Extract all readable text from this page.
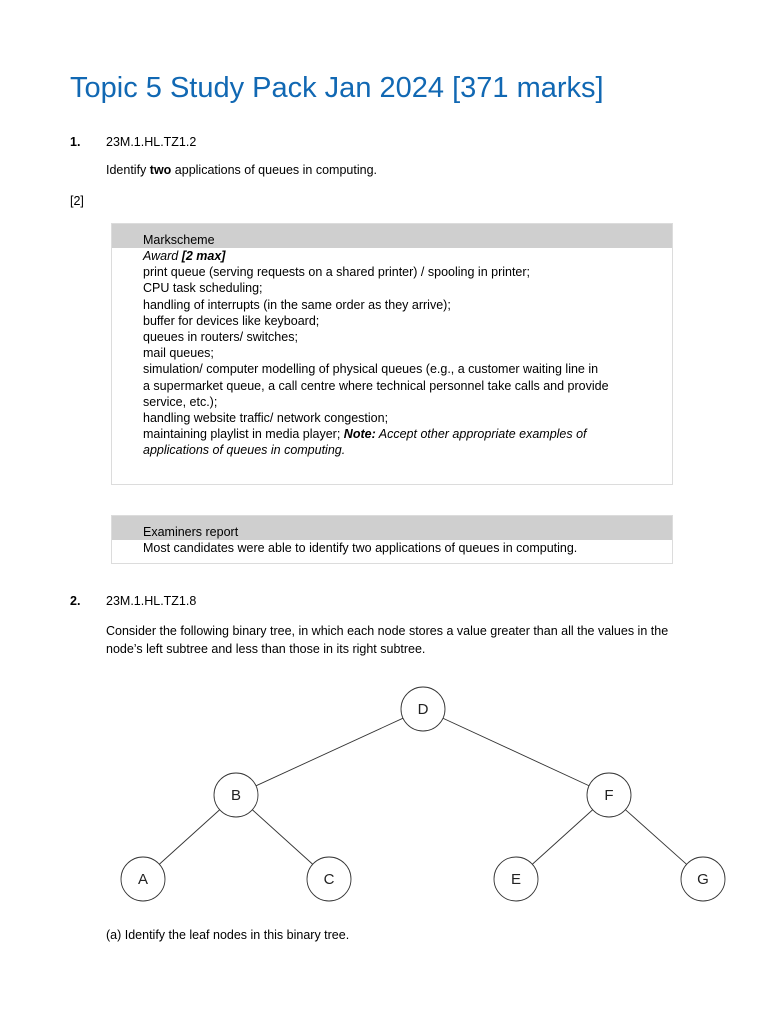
Topic 5 Study Pack Jan 2024 [371 marks]
1. 23M.1.HL.TZ1.2
Identify two applications of queues in computing.
[2]
Markscheme
Award [2 max]
print queue (serving requests on a shared printer) / spooling in printer;
CPU task scheduling;
handling of interrupts (in the same order as they arrive);
buffer for devices like keyboard;
queues in routers/ switches;
mail queues;
simulation/ computer modelling of physical queues (e.g., a customer waiting line in
a supermarket queue, a call centre where technical personnel take calls and provide service, etc.);
handling website traffic/ network congestion;
maintaining playlist in media player; Note: Accept other appropriate examples of applications of queues in computing.
Examiners report
Most candidates were able to identify two applications of queues in computing.
2. 23M.1.HL.TZ1.8
Consider the following binary tree, in which each node stores a value greater than all the values in the node’s left subtree and less than those in its right subtree.
D
B	F
A	C	E	G
(a) Identify the leaf nodes in this binary tree.
